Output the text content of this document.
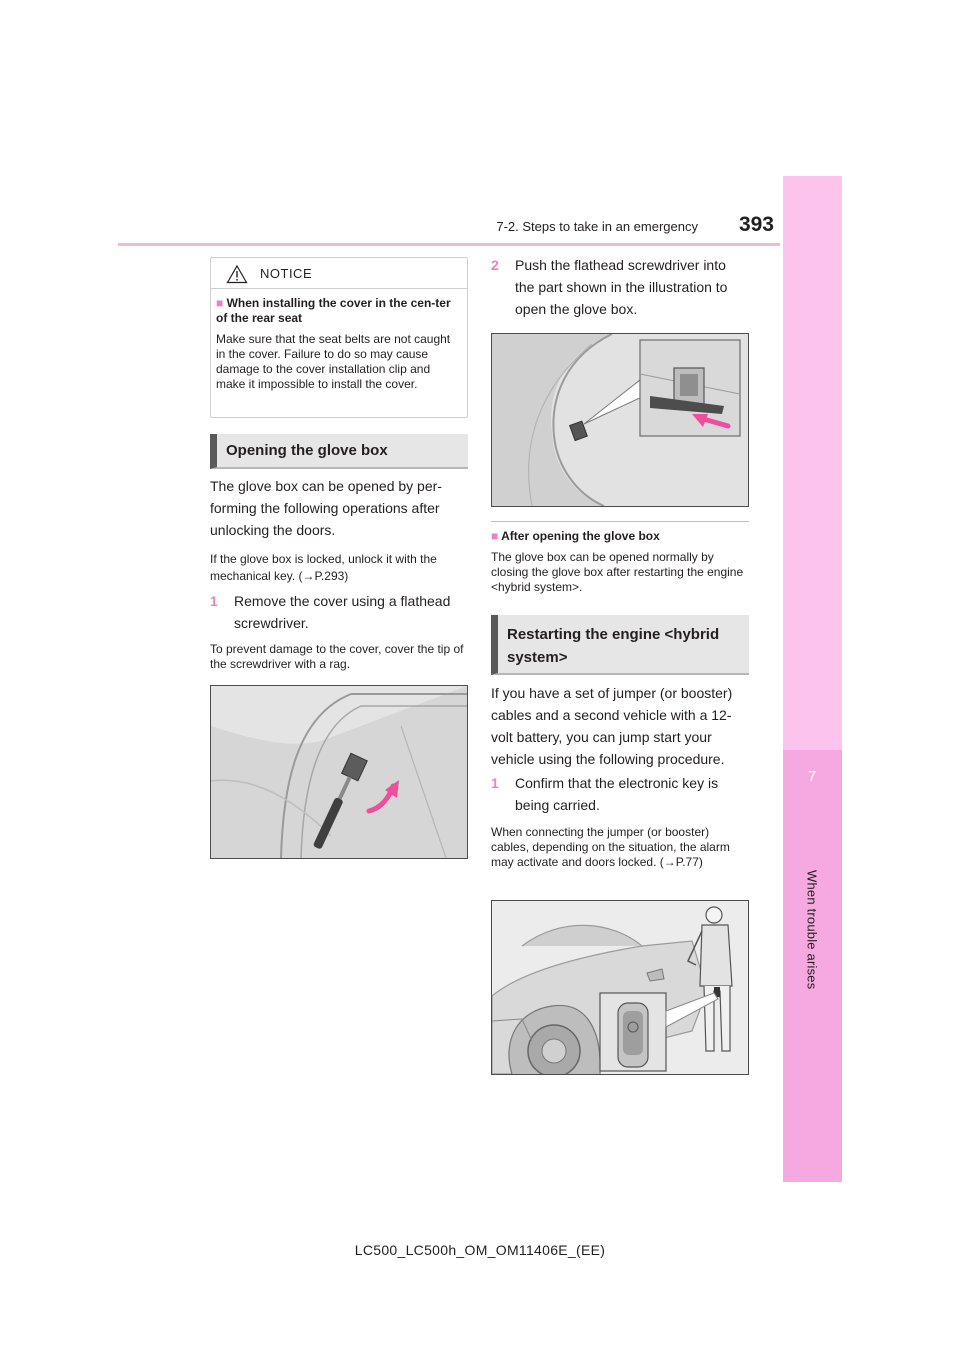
7-2. Steps to take in an emergency 393
7
When trouble arises
NOTICE
■ When installing the cover in the cen-ter of the rear seat
Make sure that the seat belts are not caught in the cover. Failure to do so may cause damage to the cover installation clip and make it impossible to install the cover.
Opening the glove box
The glove box can be opened by per-forming the following operations after unlocking the doors.
If the glove box is locked, unlock it with the mechanical key. (→P.293)
1 Remove the cover using a flathead screwdriver.
To prevent damage to the cover, cover the tip of the screwdriver with a rag.
2 Push the flathead screwdriver into the part shown in the illustration to open the glove box.
■ After opening the glove box
The glove box can be opened normally by closing the glove box after restarting the engine <hybrid system>.
Restarting the engine <hybrid system>
If you have a set of jumper (or booster) cables and a second vehicle with a 12-volt battery, you can jump start your vehicle using the following procedure.
1 Confirm that the electronic key is being carried.
When connecting the jumper (or booster) cables, depending on the situation, the alarm may activate and doors locked. (→P.77)
LC500_LC500h_OM_OM11406E_(EE)
